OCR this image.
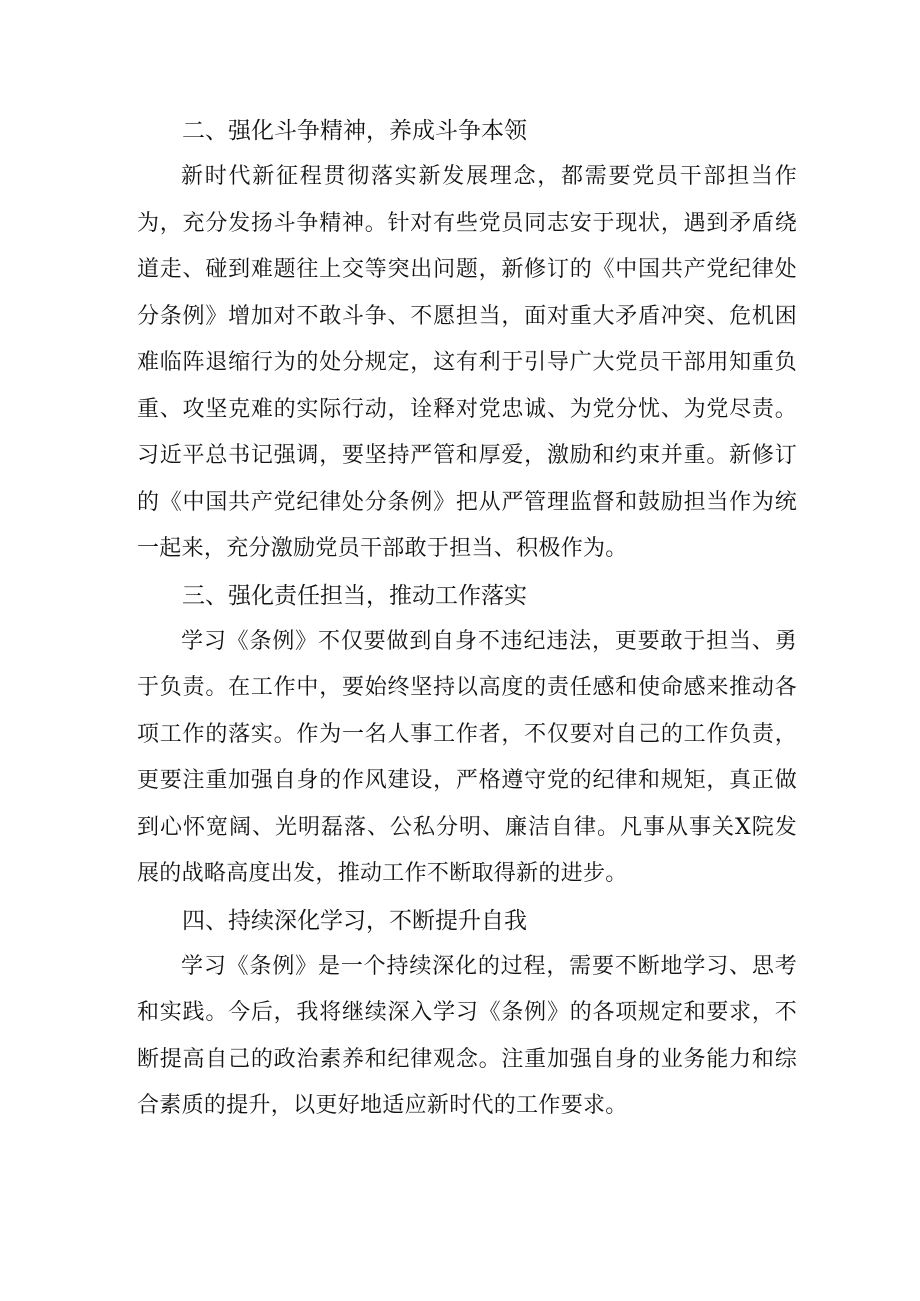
二、强化斗争精神，养成斗争本领

新时代新征程贯彻落实新发展理念，都需要党员干部担当作为，充分发扬斗争精神。针对有些党员同志安于现状，遇到矛盾绕道走、碰到难题往上交等突出问题，新修订的《中国共产党纪律处分条例》增加对不敢斗争、不愿担当，面对重大矛盾冲突、危机困难临阵退缩行为的处分规定，这有利于引导广大党员干部用知重负重、攻坚克难的实际行动，诠释对党忠诚、为党分忧、为党尽责。习近平总书记强调，要坚持严管和厚爱，激励和约束并重。新修订的《中国共产党纪律处分条例》把从严管理监督和鼓励担当作为统一起来，充分激励党员干部敢于担当、积极作为。

三、强化责任担当，推动工作落实

学习《条例》不仅要做到自身不违纪违法，更要敢于担当、勇于负责。在工作中，要始终坚持以高度的责任感和使命感来推动各项工作的落实。作为一名人事工作者，不仅要对自己的工作负责，更要注重加强自身的作风建设，严格遵守党的纪律和规矩，真正做到心怀宽阔、光明磊落、公私分明、廉洁自律。凡事从事关X院发展的战略高度出发，推动工作不断取得新的进步。

四、持续深化学习，不断提升自我

学习《条例》是一个持续深化的过程，需要不断地学习、思考和实践。今后，我将继续深入学习《条例》的各项规定和要求，不断提高自己的政治素养和纪律观念。注重加强自身的业务能力和综合素质的提升，以更好地适应新时代的工作要求。
